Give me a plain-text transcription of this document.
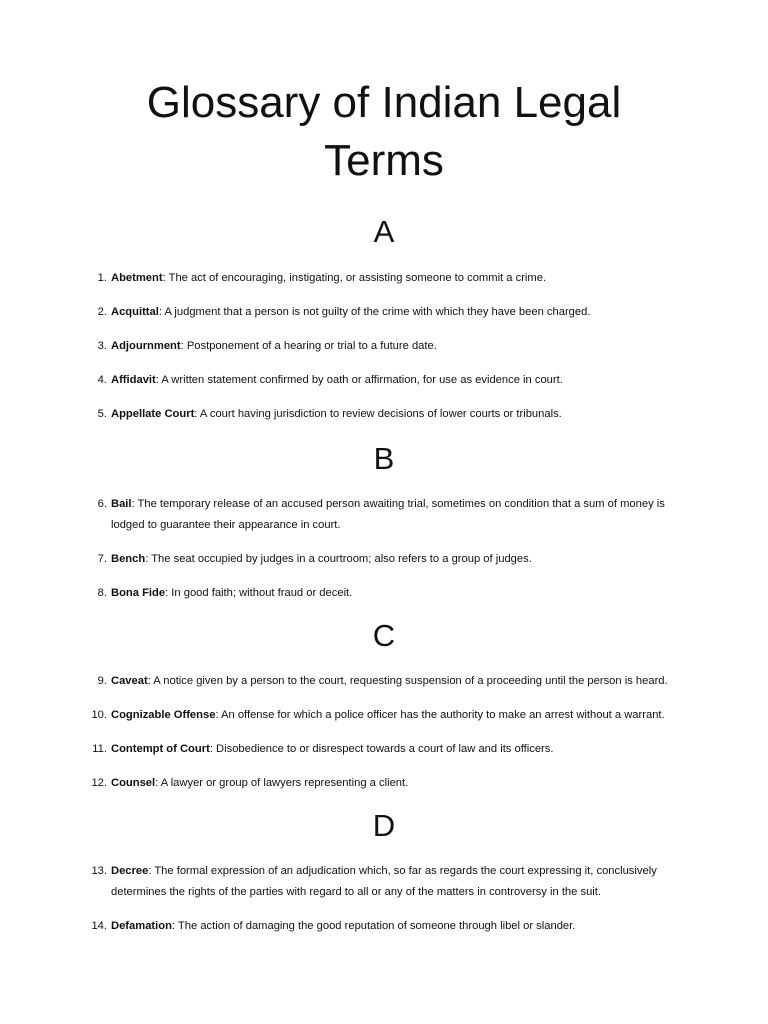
Glossary of Indian Legal Terms
A
1. Abetment: The act of encouraging, instigating, or assisting someone to commit a crime.
2. Acquittal: A judgment that a person is not guilty of the crime with which they have been charged.
3. Adjournment: Postponement of a hearing or trial to a future date.
4. Affidavit: A written statement confirmed by oath or affirmation, for use as evidence in court.
5. Appellate Court: A court having jurisdiction to review decisions of lower courts or tribunals.
B
6. Bail: The temporary release of an accused person awaiting trial, sometimes on condition that a sum of money is lodged to guarantee their appearance in court.
7. Bench: The seat occupied by judges in a courtroom; also refers to a group of judges.
8. Bona Fide: In good faith; without fraud or deceit.
C
9. Caveat: A notice given by a person to the court, requesting suspension of a proceeding until the person is heard.
10. Cognizable Offense: An offense for which a police officer has the authority to make an arrest without a warrant.
11. Contempt of Court: Disobedience to or disrespect towards a court of law and its officers.
12. Counsel: A lawyer or group of lawyers representing a client.
D
13. Decree: The formal expression of an adjudication which, so far as regards the court expressing it, conclusively determines the rights of the parties with regard to all or any of the matters in controversy in the suit.
14. Defamation: The action of damaging the good reputation of someone through libel or slander.
